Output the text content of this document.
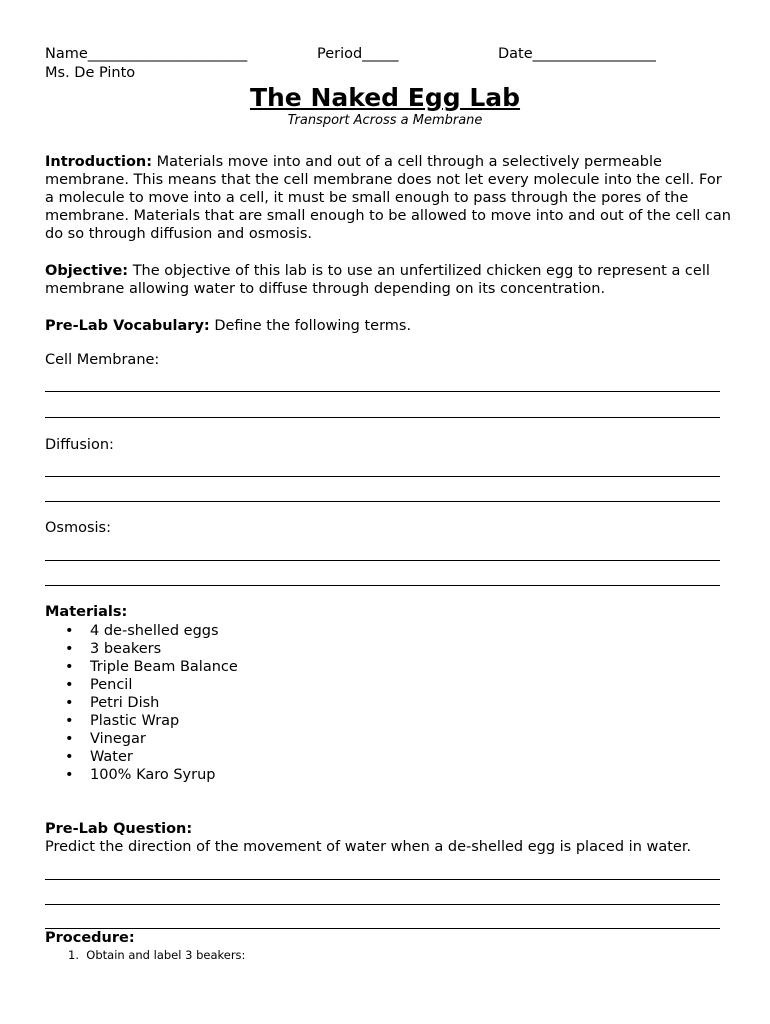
Name______________________	Period_____	Date_________________
Ms. De Pinto
The Naked Egg Lab
Transport Across a Membrane
Introduction: Materials move into and out of a cell through a selectively permeable membrane. This means that the cell membrane does not let every molecule into the cell. For a molecule to move into a cell, it must be small enough to pass through the pores of the membrane. Materials that are small enough to be allowed to move into and out of the cell can do so through diffusion and osmosis.
Objective: The objective of this lab is to use an unfertilized chicken egg to represent a cell membrane allowing water to diffuse through depending on its concentration.
Pre-Lab Vocabulary: Define the following terms.
Cell Membrane:
Diffusion:
Osmosis:
Materials:
• 4 de-shelled eggs
• 3 beakers
• Triple Beam Balance
• Pencil
• Petri Dish
• Plastic Wrap
• Vinegar
• Water
• 100% Karo Syrup
Pre-Lab Question:
Predict the direction of the movement of water when a de-shelled egg is placed in water.
Procedure:
1.  Obtain and label 3 beakers:
